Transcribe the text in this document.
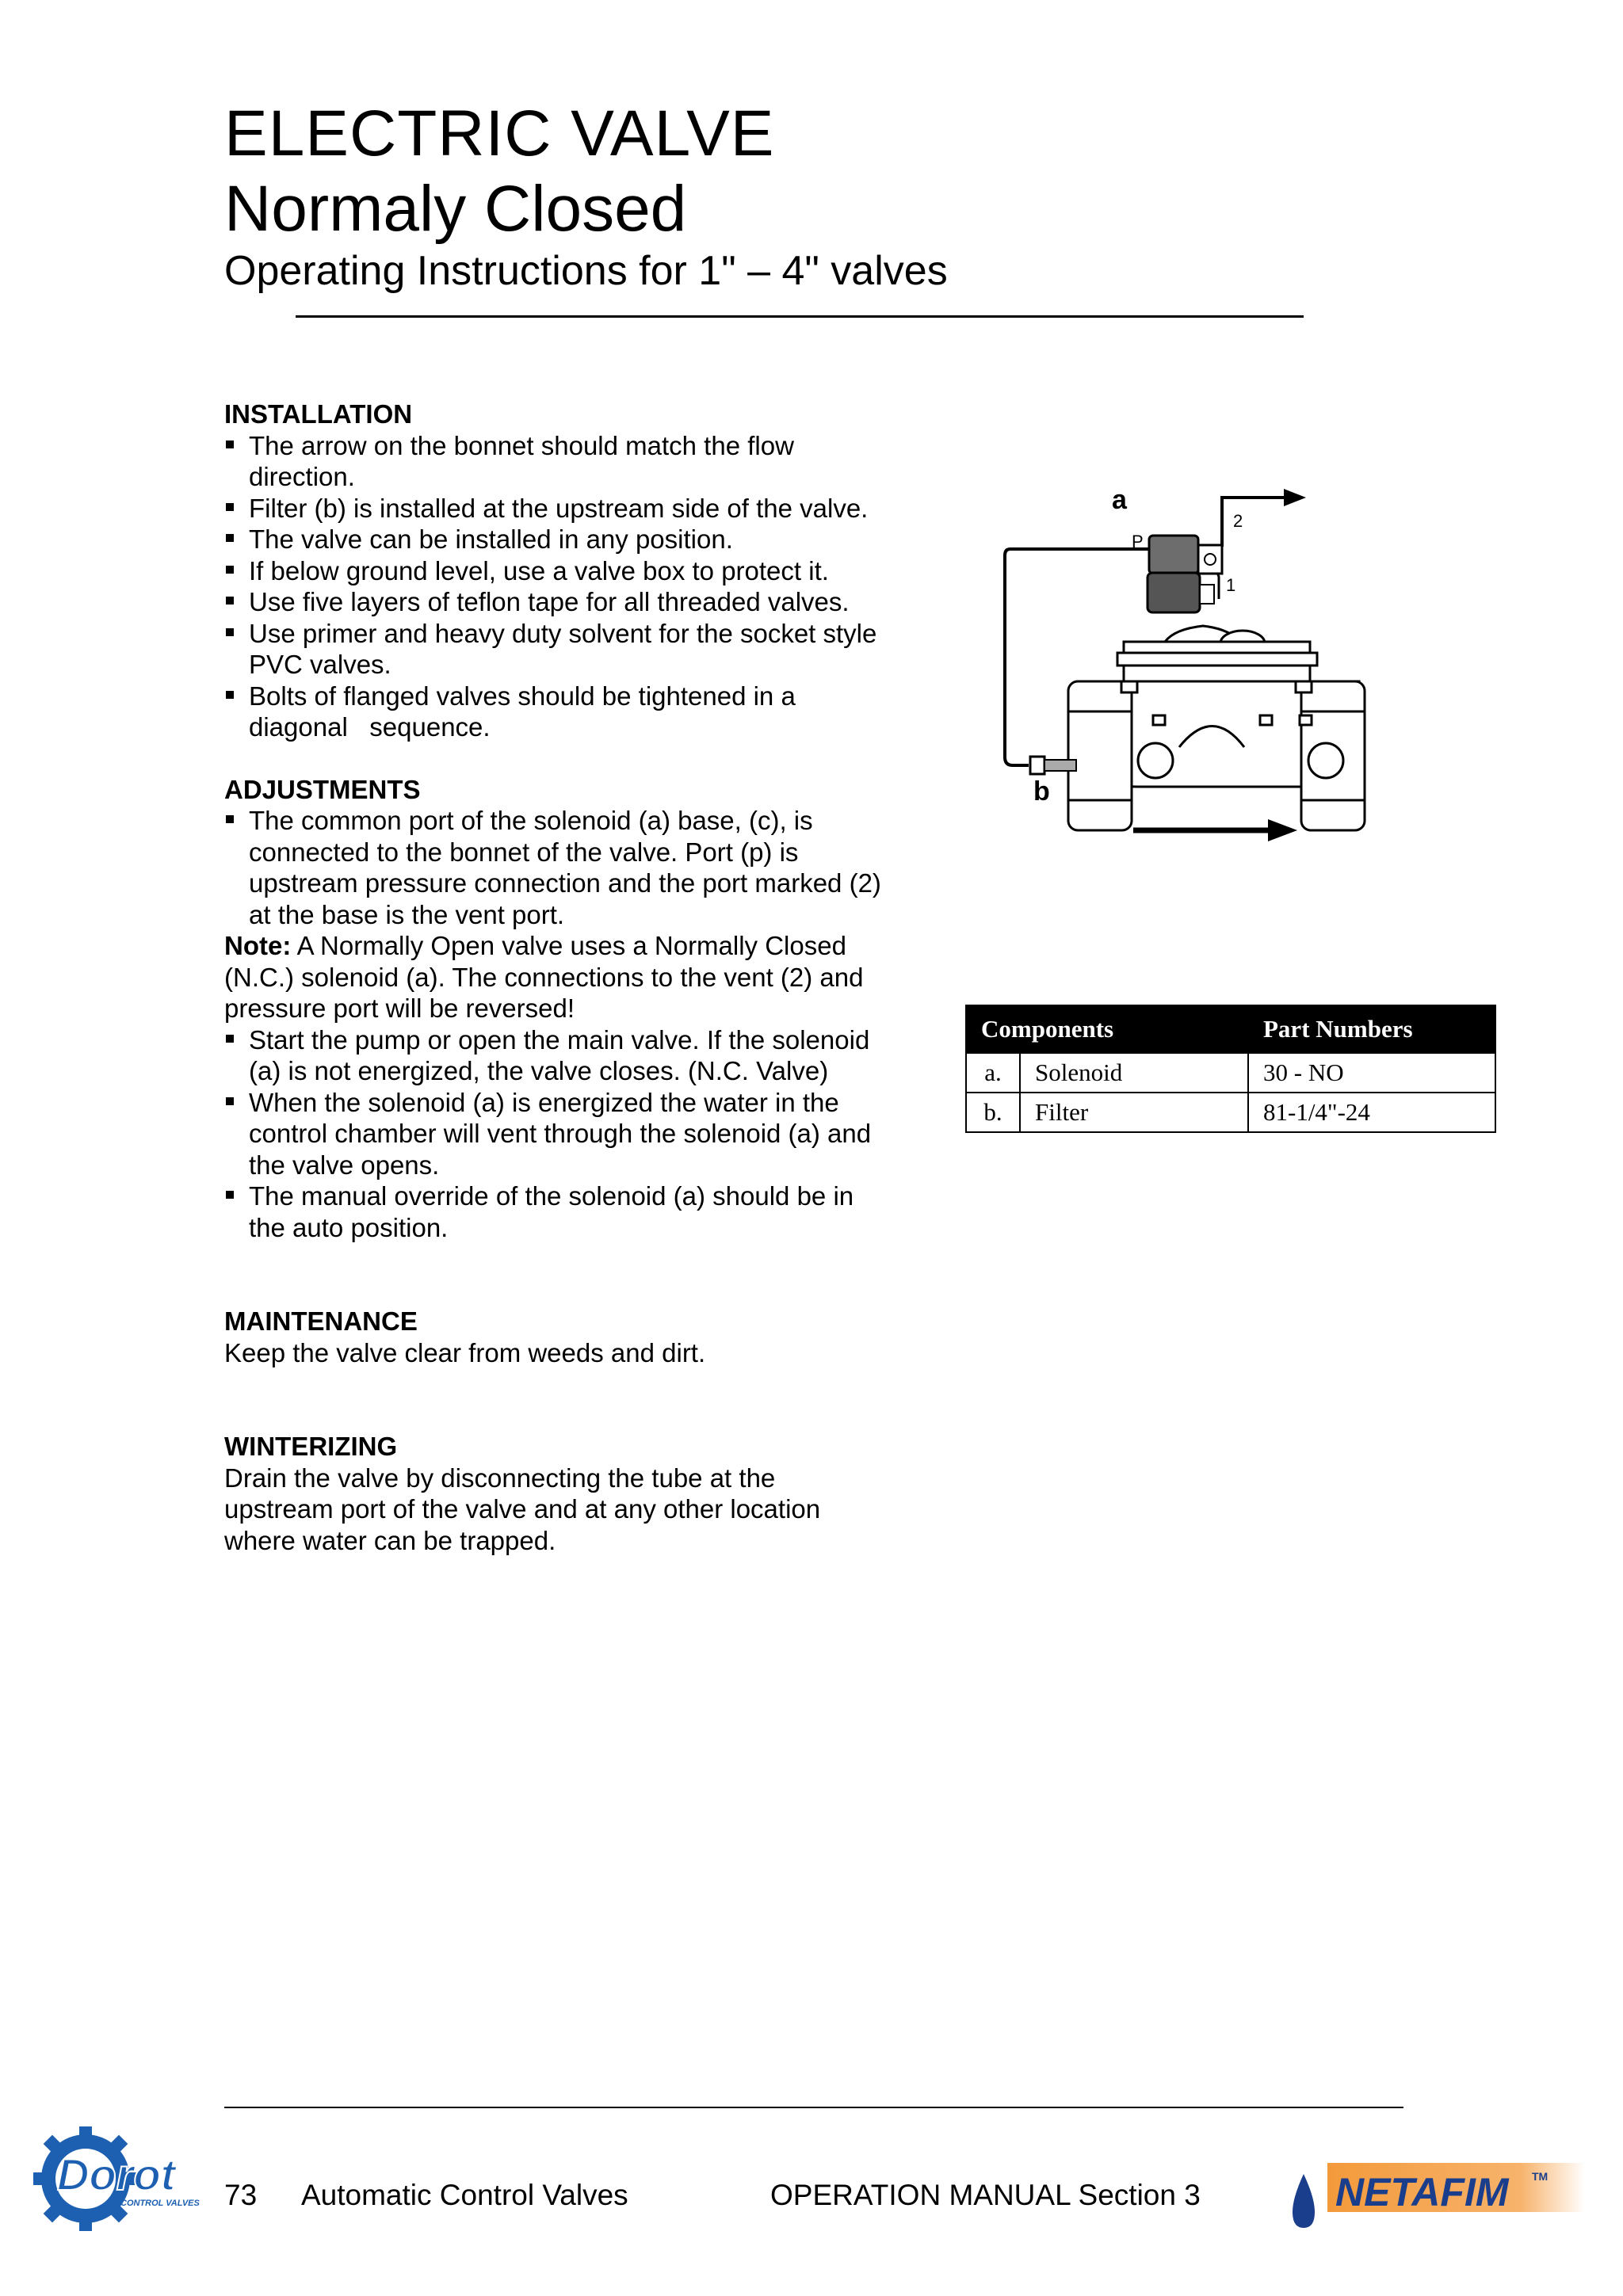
ELECTRIC VALVE
Normaly Closed
Operating Instructions for 1" – 4" valves

INSTALLATION

The arrow on the bonnet should match the flow direction.
Filter (b) is installed at the upstream side of the valve.
The valve can be installed in any position.
If below ground level, use a valve box to protect it.
Use five layers of teflon tape for all threaded valves.
Use primer and heavy duty solvent for the socket style PVC valves.
Bolts of flanged valves should be tightened in a diagonal   sequence.

ADJUSTMENTS

The common port of the solenoid (a) base, (c), is connected to the bonnet of the valve. Port (p) is upstream pressure connection and the port marked (2) at the base is the vent port.

Note: A Normally Open valve uses a Normally Closed (N.C.) solenoid (a). The connections to the vent (2) and pressure port will be reversed!

Start the pump or open the main valve. If the solenoid (a) is not energized, the valve closes. (N.C. Valve)
When the solenoid (a) is energized the water in the control chamber will vent through the solenoid (a) and the valve opens.
The manual override of the solenoid (a) should be in the auto position.

MAINTENANCE

Keep the valve clear from weeds and dirt.

WINTERIZING

Drain the valve by disconnecting the tube at the upstream port of the valve and at any other location where water can be trapped.

a
2
P
1
b
Components		Part Numbers
a.	Solenoid	30 - NO
b.	Filter	81-1/4"-24
Dorot
CONTROL VALVES 73 Automatic Control Valves	OPERATION MANUAL Section 3	NETAFIM TM
